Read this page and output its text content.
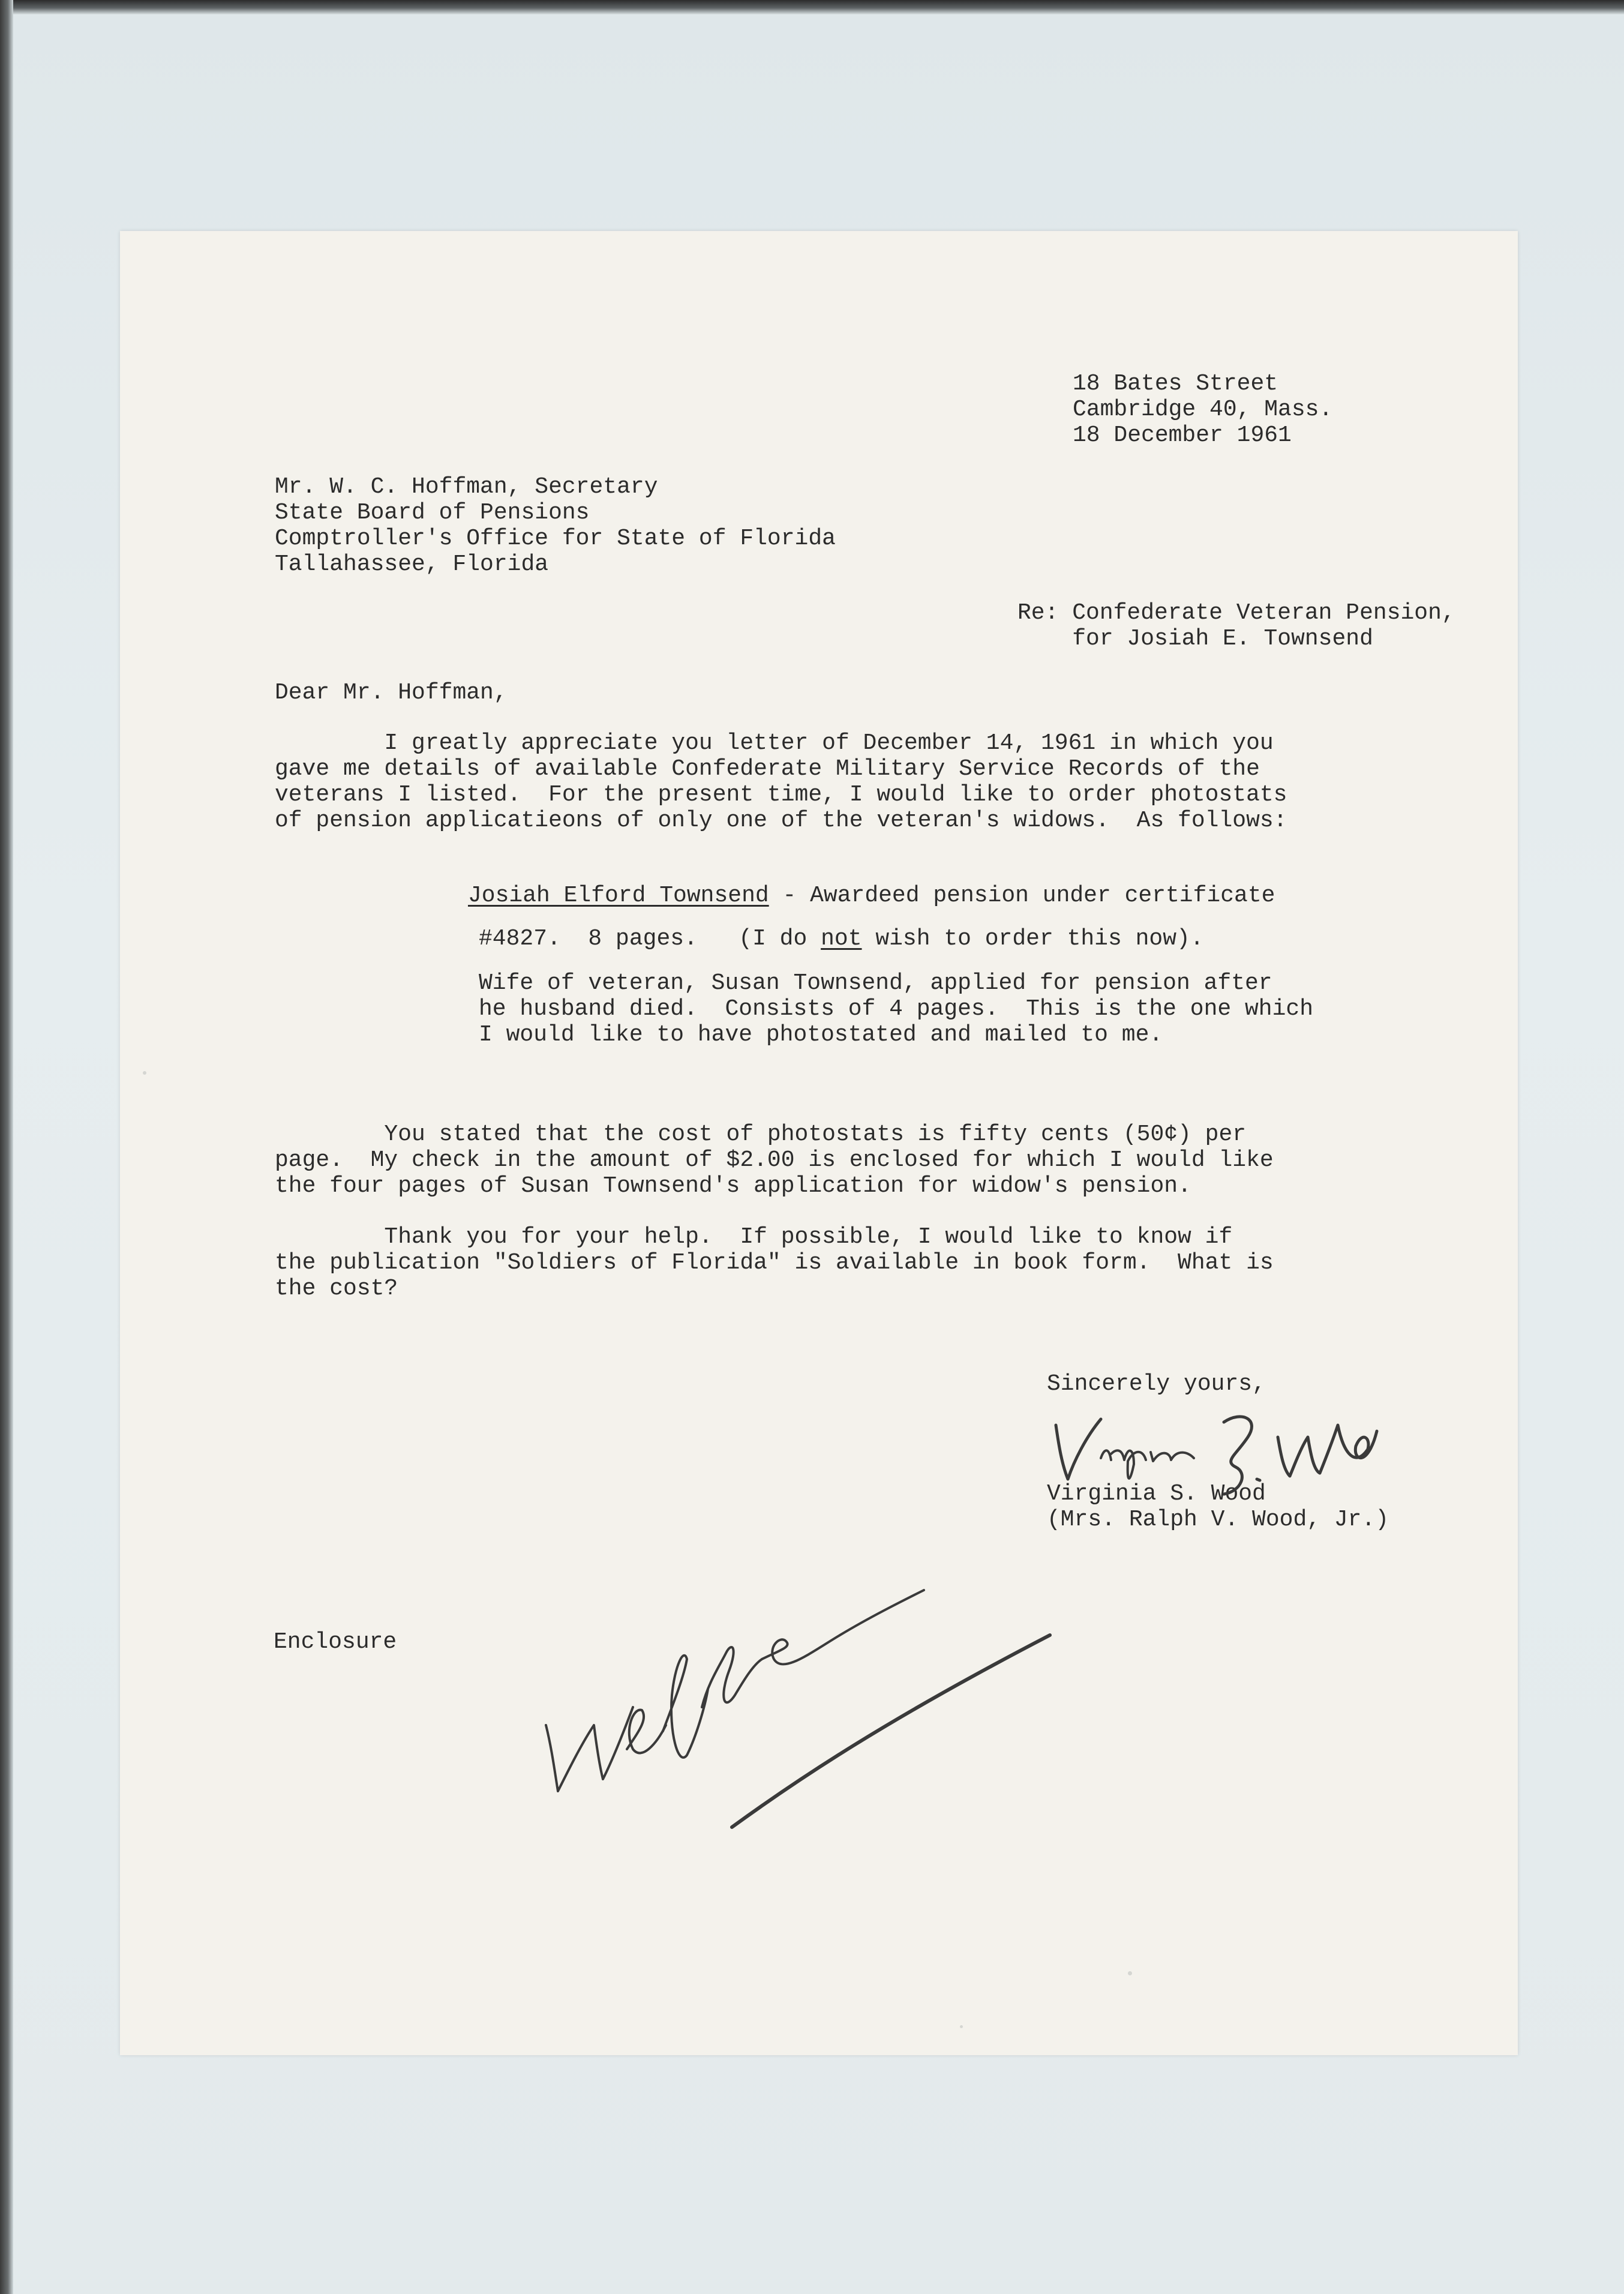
18 Bates Street

Cambridge 40, Mass.

18 December 1961

Mr. W. C. Hoffman, Secretary

State Board of Pensions

Comptroller's Office for State of Florida

Tallahassee, Florida

Re: Confederate Veteran Pension,

for Josiah E. Townsend

Dear Mr. Hoffman,

I greatly appreciate you letter of December 14, 1961 in which you

gave me details of available Confederate Military Service Records of the

veterans I listed.  For the present time, I would like to order photostats

of pension applicatieons of only one of the veteran's widows.  As follows:

Josiah Elford Townsend - Awardeed pension under certificate

#4827.  8 pages.   (I do not wish to order this now).

Wife of veteran, Susan Townsend, applied for pension after

he husband died.  Consists of 4 pages.  This is the one which

I would like to have photostated and mailed to me.

You stated that the cost of photostats is fifty cents (50¢) per

page.  My check in the amount of $2.00 is enclosed for which I would like

the four pages of Susan Townsend's application for widow's pension.

Thank you for your help.  If possible, I would like to know if

the publication "Soldiers of Florida" is available in book form.  What is

the cost?

Sincerely yours,

Virginia S. Wood

(Mrs. Ralph V. Wood, Jr.)

Enclosure
